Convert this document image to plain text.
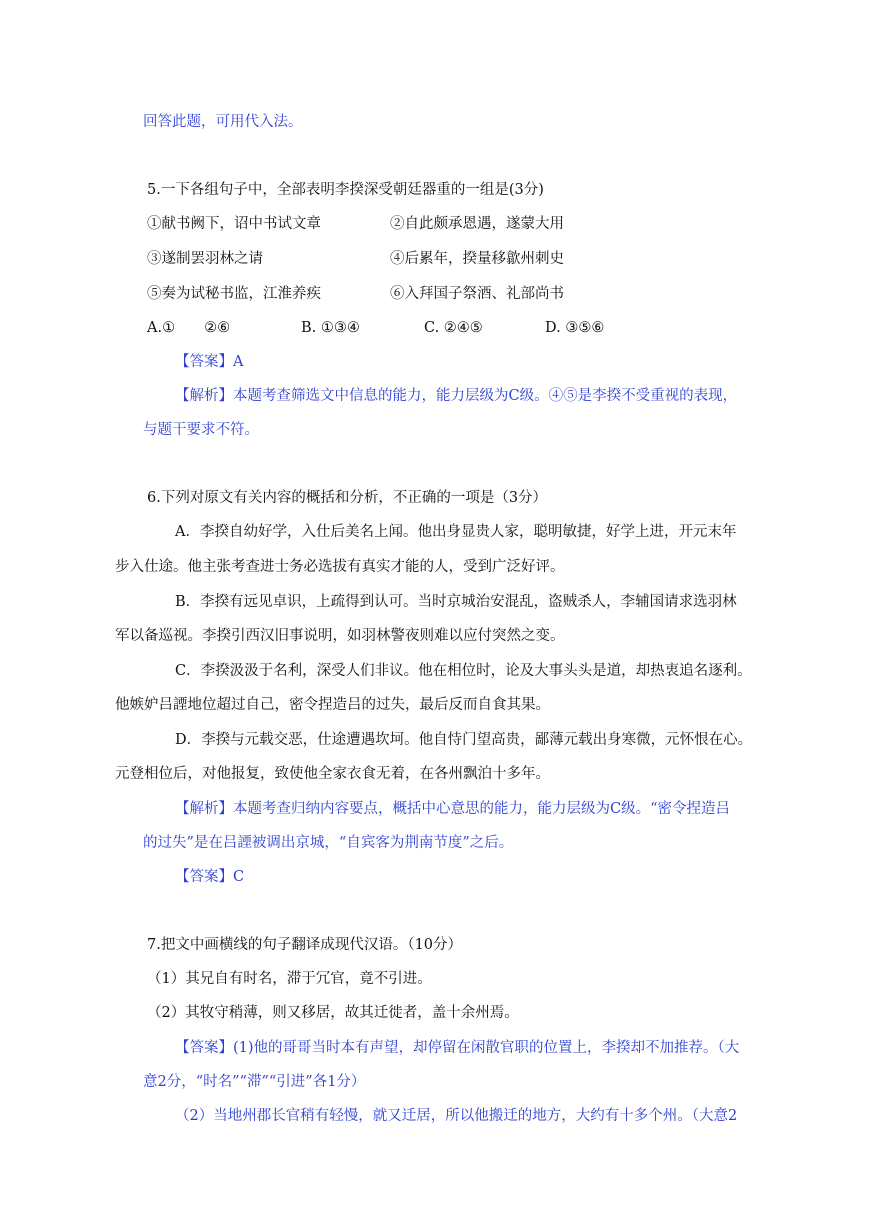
回答此题，可用代入法。
5.一下各组句子中，全部表明李揆深受朝廷器重的一组是(3分)
①献书阙下，诏中书试文章	②自此颇承恩遇，遂蒙大用
③遂制罢羽林之请	④后累年，揆量移歙州刺史
⑤奏为试秘书监，江淮养疾	⑥入拜国子祭酒、礼部尚书
A.①　　②⑥	B. ①③④	C. ②④⑤	D. ③⑤⑥
【答案】A
【解析】本题考查筛选文中信息的能力，能力层级为C级。④⑤是李揆不受重视的表现，
与题干要求不符。
6.下列对原文有关内容的概括和分析，不正确的一项是（3分）
A．李揆自幼好学，入仕后美名上闻。他出身显贵人家，聪明敏捷，好学上进，开元末年
步入仕途。他主张考查进士务必选拔有真实才能的人，受到广泛好评。
B．李揆有远见卓识，上疏得到认可。当时京城治安混乱，盗贼杀人，李辅国请求选羽林
军以备巡视。李揆引西汉旧事说明，如羽林警夜则难以应付突然之变。
C．李揆汲汲于名利，深受人们非议。他在相位时，论及大事头头是道，却热衷追名逐利。
他嫉妒吕諲地位超过自己，密令捏造吕的过失，最后反而自食其果。
D．李揆与元载交恶，仕途遭遇坎坷。他自恃门望高贵，鄙薄元载出身寒微，元怀恨在心。
元登相位后，对他报复，致使他全家衣食无着，在各州飘泊十多年。
【解析】本题考查归纳内容要点，概括中心意思的能力，能力层级为C级。“密令捏造吕
的过失”是在吕諲被调出京城，“自宾客为荆南节度”之后。
【答案】C
7.把文中画横线的句子翻译成现代汉语。（10分）
（1）其兄自有时名，滞于冗官，竟不引进。
（2）其牧守稍薄，则又移居，故其迁徙者，盖十余州焉。
【答案】(1)他的哥哥当时本有声望，却停留在闲散官职的位置上，李揆却不加推荐。（大
意2分，“时名”“滞”“引进”各1分）
（2）当地州郡长官稍有轻慢，就又迁居，所以他搬迁的地方，大约有十多个州。（大意2
